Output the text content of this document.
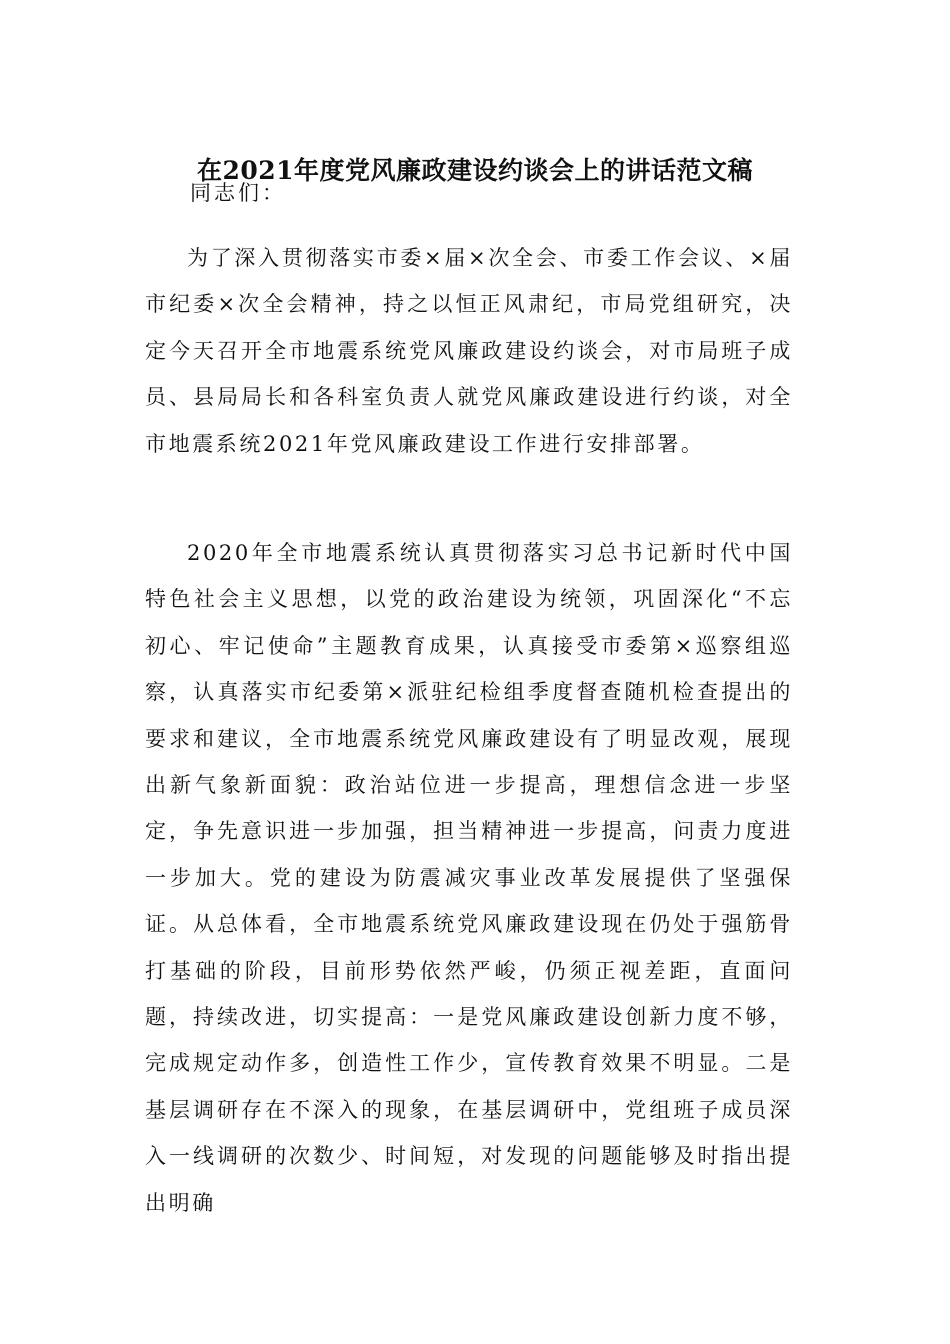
在2021年度党风廉政建设约谈会上的讲话范文稿
同志们：

为了深入贯彻落实市委×届×次全会、市委工作会议、×届市纪委×次全会精神，持之以恒正风肃纪，市局党组研究，决定今天召开全市地震系统党风廉政建设约谈会，对市局班子成员、县局局长和各科室负责人就党风廉政建设进行约谈，对全市地震系统2021年党风廉政建设工作进行安排部署。

2020年全市地震系统认真贯彻落实习总书记新时代中国特色社会主义思想，以党的政治建设为统领，巩固深化“不忘初心、牢记使命”主题教育成果，认真接受市委第×巡察组巡察，认真落实市纪委第×派驻纪检组季度督查随机检查提出的要求和建议，全市地震系统党风廉政建设有了明显改观，展现出新气象新面貌：政治站位进一步提高，理想信念进一步坚定，争先意识进一步加强，担当精神进一步提高，问责力度进一步加大。党的建设为防震减灾事业改革发展提供了坚强保证。从总体看，全市地震系统党风廉政建设现在仍处于强筋骨打基础的阶段，目前形势依然严峻，仍须正视差距，直面问题，持续改进，切实提高：一是党风廉政建设创新力度不够，完成规定动作多，创造性工作少，宣传教育效果不明显。二是基层调研存在不深入的现象，在基层调研中，党组班子成员深入一线调研的次数少、时间短，对发现的问题能够及时指出提出明确
